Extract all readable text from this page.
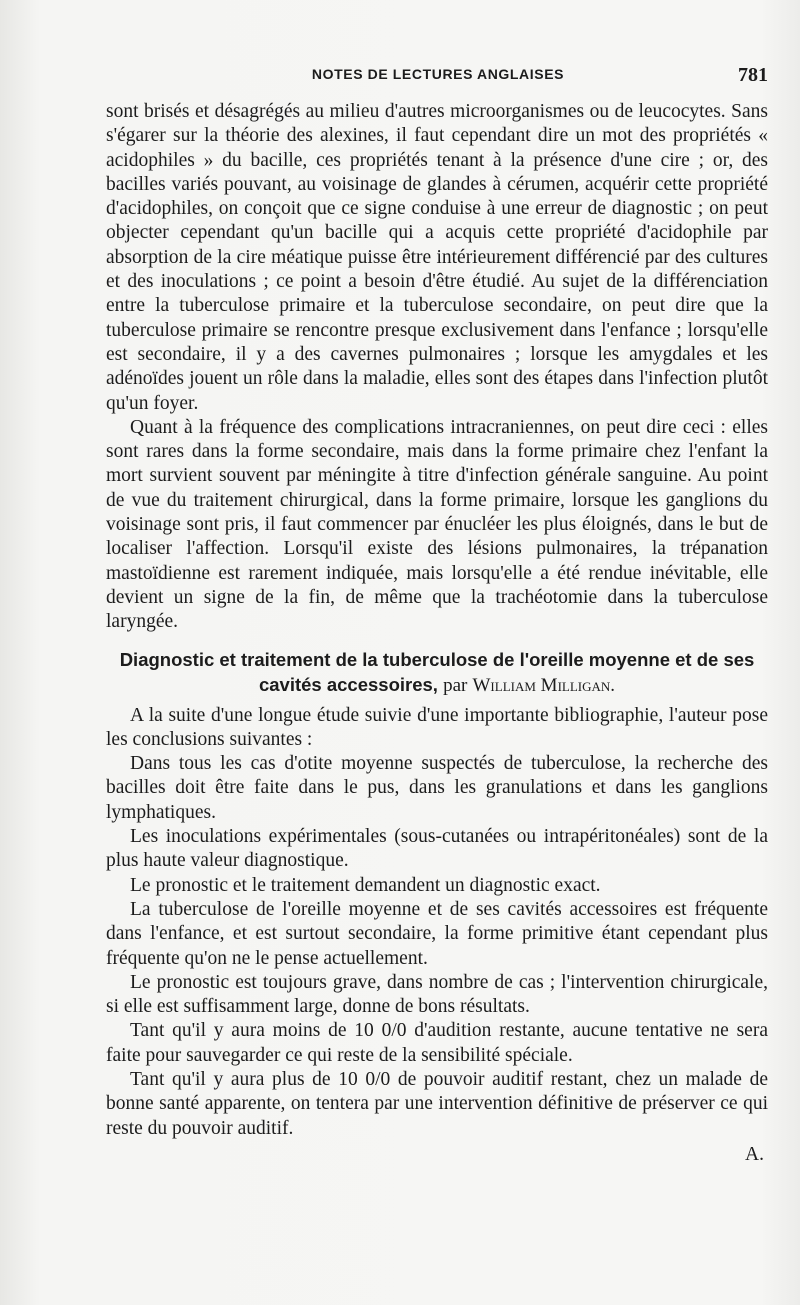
NOTES DE LECTURES ANGLAISES	781

sont brisés et désagrégés au milieu d'autres microorganismes ou de leucocytes. Sans s'égarer sur la théorie des alexines, il faut cependant dire un mot des propriétés « acidophiles » du bacille, ces propriétés tenant à la présence d'une cire ; or, des bacilles variés pouvant, au voisinage de glandes à cérumen, acquérir cette propriété d'acidophiles, on conçoit que ce signe conduise à une erreur de diagnostic ; on peut objecter cependant qu'un bacille qui a acquis cette propriété d'acidophile par absorption de la cire méatique puisse être intérieurement différencié par des cultures et des inoculations ; ce point a besoin d'être étudié. Au sujet de la différenciation entre la tuberculose primaire et la tuberculose secondaire, on peut dire que la tuberculose primaire se rencontre presque exclusivement dans l'enfance ; lorsqu'elle est secondaire, il y a des cavernes pulmonaires ; lorsque les amygdales et les adénoïdes jouent un rôle dans la maladie, elles sont des étapes dans l'infection plutôt qu'un foyer.

Quant à la fréquence des complications intracraniennes, on peut dire ceci : elles sont rares dans la forme secondaire, mais dans la forme primaire chez l'enfant la mort survient souvent par méningite à titre d'infection générale sanguine. Au point de vue du traitement chirurgical, dans la forme primaire, lorsque les ganglions du voisinage sont pris, il faut commencer par énucléer les plus éloignés, dans le but de localiser l'affection. Lorsqu'il existe des lésions pulmonaires, la trépanation mastoïdienne est rarement indiquée, mais lorsqu'elle a été rendue inévitable, elle devient un signe de la fin, de même que la trachéotomie dans la tuberculose laryngée.

Diagnostic et traitement de la tuberculose de l'oreille moyenne et de ses cavités accessoires, par William Milligan.

A la suite d'une longue étude suivie d'une importante bibliographie, l'auteur pose les conclusions suivantes :

Dans tous les cas d'otite moyenne suspectés de tuberculose, la recherche des bacilles doit être faite dans le pus, dans les granulations et dans les ganglions lymphatiques.

Les inoculations expérimentales (sous-cutanées ou intrapéritonéales) sont de la plus haute valeur diagnostique.

Le pronostic et le traitement demandent un diagnostic exact.

La tuberculose de l'oreille moyenne et de ses cavités accessoires est fréquente dans l'enfance, et est surtout secondaire, la forme primitive étant cependant plus fréquente qu'on ne le pense actuellement.

Le pronostic est toujours grave, dans nombre de cas ; l'intervention chirurgicale, si elle est suffisamment large, donne de bons résultats.

Tant qu'il y aura moins de 10 0/0 d'audition restante, aucune tentative ne sera faite pour sauvegarder ce qui reste de la sensibilité spéciale.

Tant qu'il y aura plus de 10 0/0 de pouvoir auditif restant, chez un malade de bonne santé apparente, on tentera par une intervention définitive de préserver ce qui reste du pouvoir auditif.

A.
